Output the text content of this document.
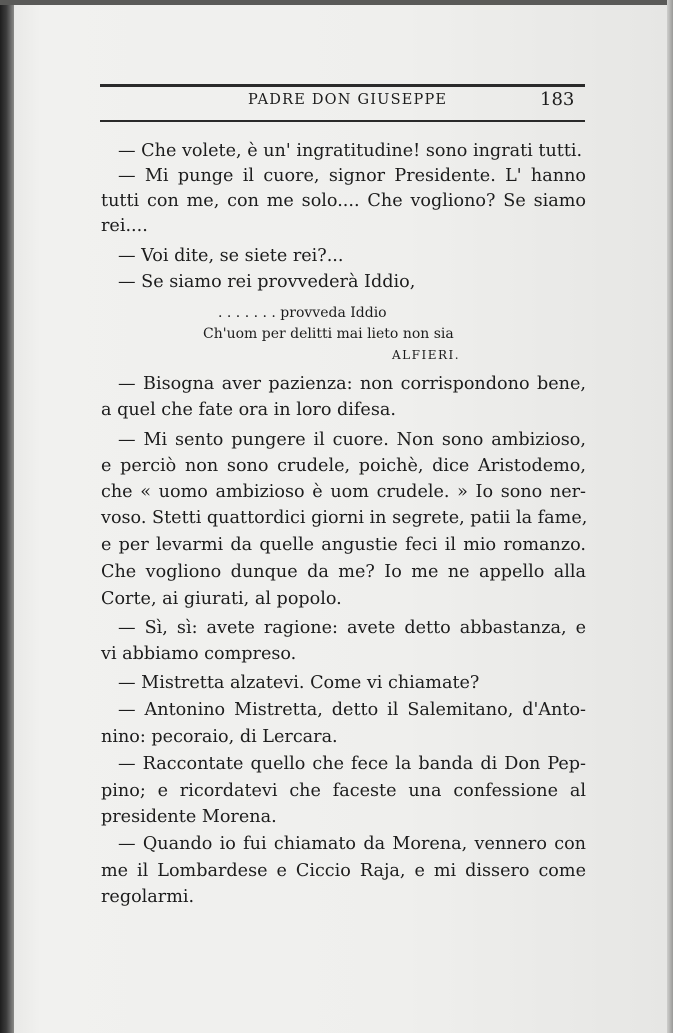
PADRE DON GIUSEPPE	183
— Che volete, è un' ingratitudine! sono ingrati tutti.
— Mi punge il cuore, signor Presidente. L' hanno
tutti con me, con me solo.... Che vogliono? Se siamo
rei....
— Voi dite, se siete rei?...
— Se siamo rei provvederà Iddio,
. . . . . . . provveda Iddio
Ch'uom per delitti mai lieto non sia
ALFIERI.
— Bisogna aver pazienza: non corrispondono bene,
a quel che fate ora in loro difesa.
— Mi sento pungere il cuore. Non sono ambizioso,
e perciò non sono crudele, poichè, dice Aristodemo,
che « uomo ambizioso è uom crudele. » Io sono ner-
voso. Stetti quattordici giorni in segrete, patii la fame,
e per levarmi da quelle angustie feci il mio romanzo.
Che vogliono dunque da me? Io me ne appello alla
Corte, ai giurati, al popolo.
— Sì, sì: avete ragione: avete detto abbastanza, e
vi abbiamo compreso.
— Mistretta alzatevi. Come vi chiamate?
— Antonino Mistretta, detto il Salemitano, d'Anto-
nino: pecoraio, di Lercara.
— Raccontate quello che fece la banda di Don Pep-
pino; e ricordatevi che faceste una confessione al
presidente Morena.
— Quando io fui chiamato da Morena, vennero con
me il Lombardese e Ciccio Raja, e mi dissero come
regolarmi.
